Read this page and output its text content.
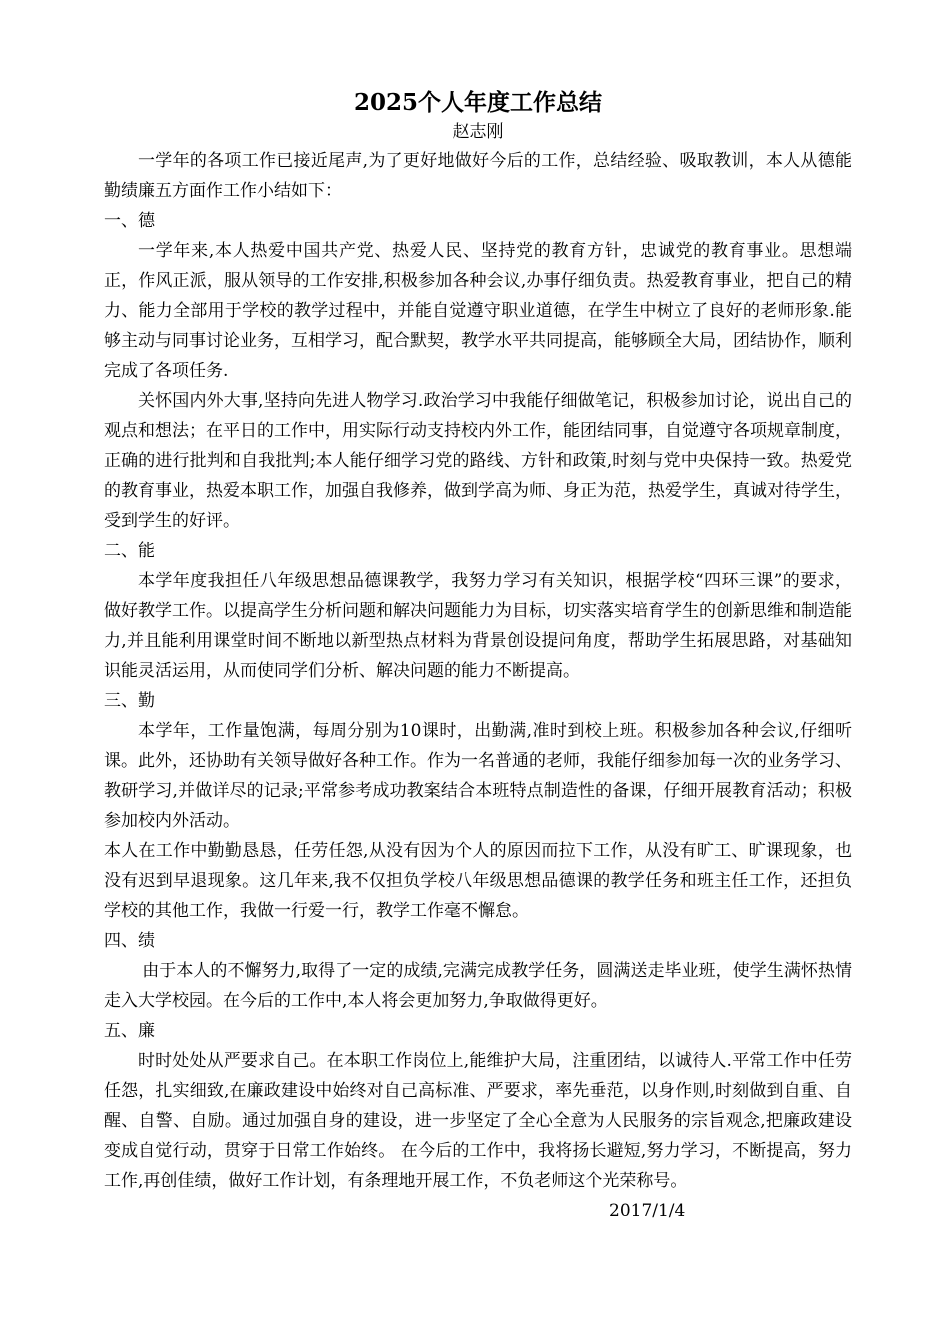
2025个人年度工作总结

赵志刚

一学年的各项工作已接近尾声,为了更好地做好今后的工作，总结经验、吸取教训，本人从德能勤绩廉五方面作工作小结如下：

一、德

一学年来,本人热爱中国共产党、热爱人民、坚持党的教育方针，忠诚党的教育事业。思想端正，作风正派，服从领导的工作安排,积极参加各种会议,办事仔细负责。热爱教育事业，把自己的精力、能力全部用于学校的教学过程中，并能自觉遵守职业道德，在学生中树立了良好的老师形象.能够主动与同事讨论业务，互相学习，配合默契，教学水平共同提高，能够顾全大局，团结协作，顺利完成了各项任务.

关怀国内外大事,坚持向先进人物学习.政治学习中我能仔细做笔记，积极参加讨论，说出自己的观点和想法；在平日的工作中，用实际行动支持校内外工作，能团结同事，自觉遵守各项规章制度，正确的进行批判和自我批判;本人能仔细学习党的路线、方针和政策,时刻与党中央保持一致。热爱党的教育事业，热爱本职工作，加强自我修养，做到学高为师、身正为范，热爱学生，真诚对待学生，受到学生的好评。

二、能

本学年度我担任八年级思想品德课教学，我努力学习有关知识，根据学校“四环三课”的要求，做好教学工作。以提高学生分析问题和解决问题能力为目标，切实落实培育学生的创新思维和制造能力,并且能利用课堂时间不断地以新型热点材料为背景创设提问角度，帮助学生拓展思路，对基础知识能灵活运用，从而使同学们分析、解决问题的能力不断提高。

三、勤

本学年，工作量饱满，每周分别为10课时，出勤满,准时到校上班。积极参加各种会议,仔细听课。此外，还协助有关领导做好各种工作。作为一名普通的老师，我能仔细参加每一次的业务学习、教研学习,并做详尽的记录;平常参考成功教案结合本班特点制造性的备课，仔细开展教育活动；积极参加校内外活动。

本人在工作中勤勤恳恳，任劳任怨,从没有因为个人的原因而拉下工作，从没有旷工、旷课现象，也没有迟到早退现象。这几年来,我不仅担负学校八年级思想品德课的教学任务和班主任工作，还担负学校的其他工作，我做一行爱一行，教学工作毫不懈怠。

四、绩

由于本人的不懈努力,取得了一定的成绩,完满完成教学任务，圆满送走毕业班，使学生满怀热情走入大学校园。在今后的工作中,本人将会更加努力,争取做得更好。

五、廉

时时处处从严要求自己。在本职工作岗位上,能维护大局，注重团结，以诚待人.平常工作中任劳任怨，扎实细致,在廉政建设中始终对自己高标准、严要求，率先垂范，以身作则,时刻做到自重、自醒、自警、自励。通过加强自身的建设，进一步坚定了全心全意为人民服务的宗旨观念,把廉政建设变成自觉行动，贯穿于日常工作始终。 在今后的工作中，我将扬长避短,努力学习，不断提高，努力工作,再创佳绩，做好工作计划，有条理地开展工作，不负老师这个光荣称号。

2017/1/4
